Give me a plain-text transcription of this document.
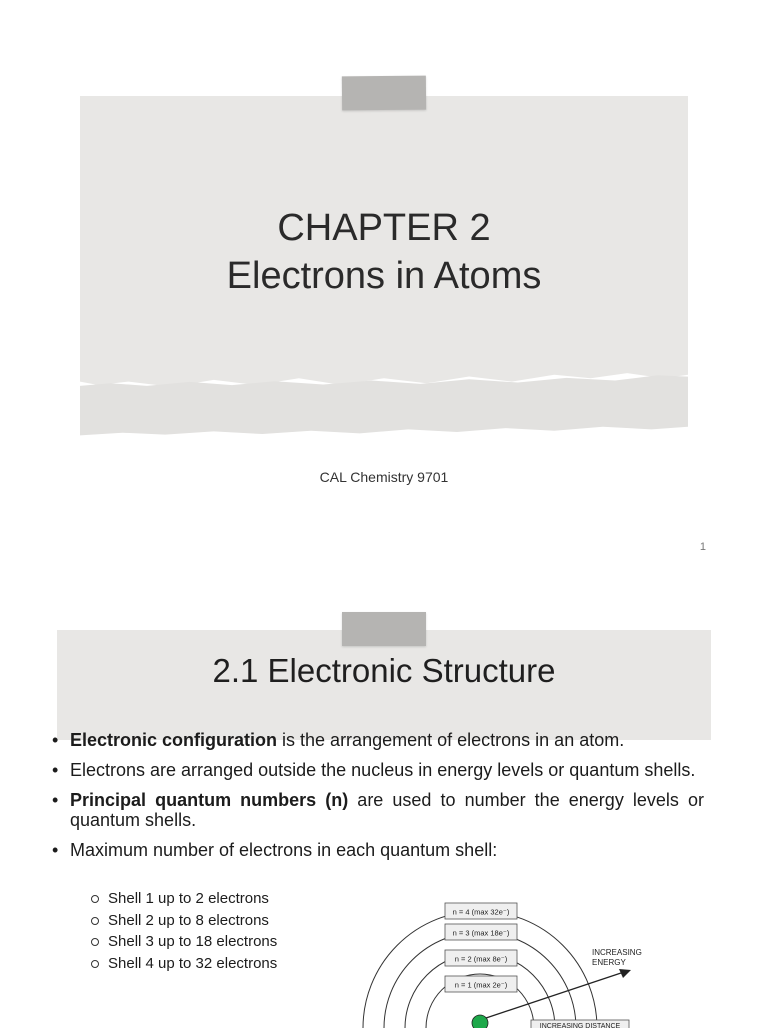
CHAPTER 2
Electrons in Atoms
CAL Chemistry 9701
1
2.1 Electronic Structure
• Electronic configuration is the arrangement of electrons in an atom.
• Electrons are arranged outside the nucleus in energy levels or quantum shells.
• Principal quantum numbers (n) are used to number the energy levels or quantum shells.
• Maximum number of electrons in each quantum shell:
Shell 1 up to 2 electrons
Shell 2 up to 8 electrons
Shell 3 up to 18 electrons
Shell 4 up to 32 electrons
n = 4 (max 32e⁻)
n = 3 (max 18e⁻)
n = 2 (max 8e⁻)
n = 1 (max 2e⁻)
INCREASING
ENERGY
INCREASING DISTANCE
